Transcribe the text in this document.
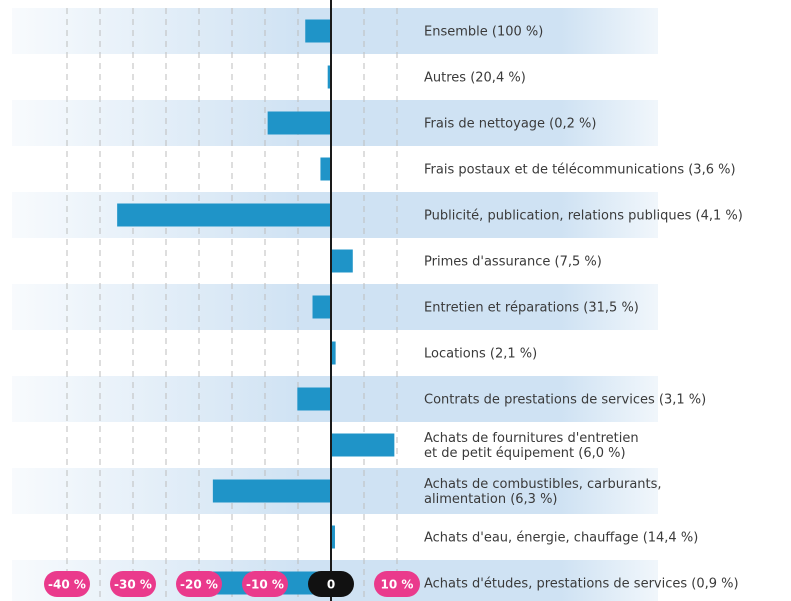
Ensemble (100 %)
Autres (20,4 %)
Frais de nettoyage (0,2 %)
Frais postaux et de télécommunications (3,6 %)
Publicité, publication, relations publiques (4,1 %)
Primes d'assurance (7,5 %)
Entretien et réparations (31,5 %)
Locations (2,1 %)
Contrats de prestations de services (3,1 %)
Achats de fournitures d'entretien
et de petit équipement (6,0 %)
Achats de combustibles, carburants,
alimentation (6,3 %)
Achats d'eau, énergie, chauffage (14,4 %)
Achats d'études, prestations de services (0,9 %)
-40 % -30 % -20 % -10 %	0	10 %
